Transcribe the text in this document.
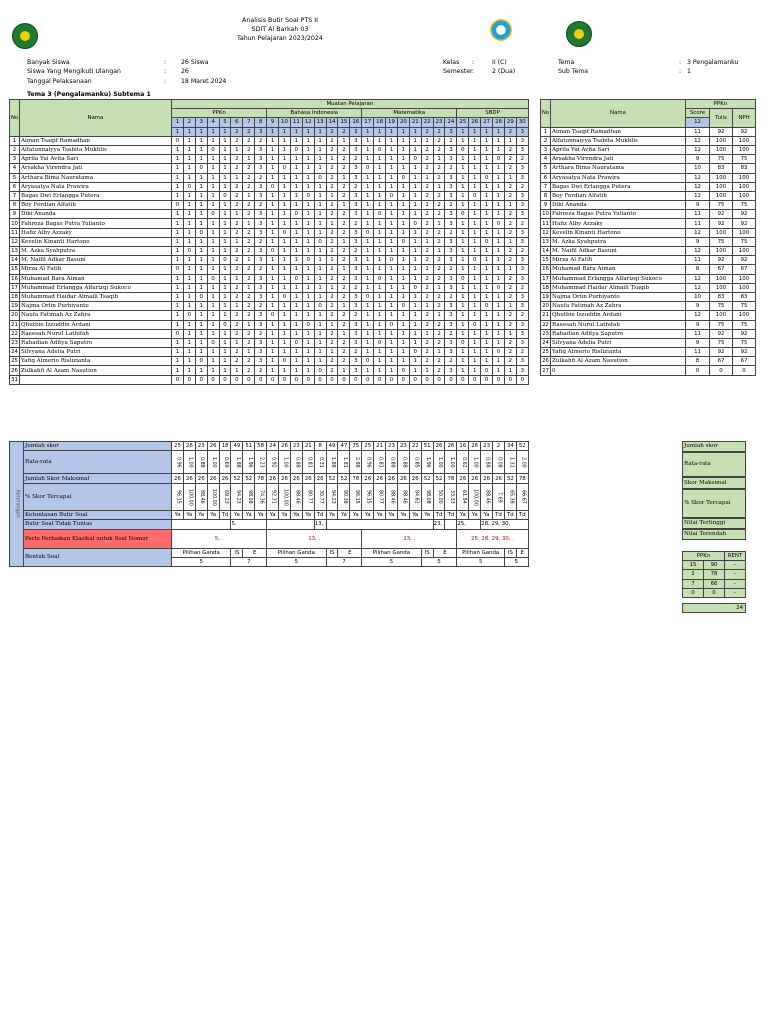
Analisis Butir Soal PTS II
SDIT Al Barkah 03
Tahun Pelajaran 2023/2024
Banyak Siswa	:	26 Siswa
Siswa Yang Mengikuti Ulangan	:	26
Tanggal Pelaksanaan	:	18 Maret 2024
Kelas	:	II (C)
Semester :	2 (Dua)
Tema	: 3 Pengalamanku
Sub Tema	: 1
Tema 3 (Pengalamanku) Subtema 1
No	Nama	Muatan Pelajaran																													
		PPKn								Bahasa Indonesia								Matematika								SBDP					
		1	2	3	4	5	6	7	8	9	10	11	12	13	14	15	16	17	18	19	20	21	22	23	24	25	26	27	28	29	30
		1	1	1	1	1	2	2	3	1	1	1	1	1	2	2	3	1	1	1	1	1	2	2	3	1	1	1	1	2	3
1	Aiman Tsaqif Ramadhan	0	1	1	1	1	2	2	2	1	1	1	1	1	2	1	3	1	1	1	1	1	1	2	2	1	1	1	1	1	3
2	Alfatunnaiyya Tsabita Mukhlis	1	1	1	0	1	1	2	3	1	1	0	1	1	2	2	3	1	0	1	1	1	2	2	3	0	1	1	1	2	3
3	Aprila Yui Avita Sari	1	1	1	1	1	2	1	3	1	1	1	1	1	1	2	2	1	1	1	1	0	2	1	3	1	1	1	0	2	2
4	Arsakha Virendra Jati	1	1	0	1	1	2	2	3	1	0	1	1	1	2	2	3	0	1	1	1	1	2	2	2	1	1	1	1	2	3
5	Arthara Bima Nauratama	1	1	1	1	1	1	2	2	1	1	1	1	0	2	1	3	1	1	1	0	1	1	2	3	1	1	0	1	1	3
6	Aryasatya Nata Prawira	1	0	1	1	1	2	2	3	0	1	1	1	1	2	2	2	1	1	1	1	1	2	1	3	1	1	1	1	2	2
7	Bagas Dwi Erlangga Putera	1	1	1	1	0	2	1	3	1	1	1	0	1	1	2	3	1	1	0	1	1	2	2	3	1	0	1	1	2	3
8	Boy Ferdian Alfatih	0	1	1	1	1	2	2	2	1	1	1	1	1	2	1	3	1	1	1	1	1	1	2	2	1	1	1	1	1	3
9	Diki Ananda	1	1	1	0	1	1	2	3	1	1	0	1	1	2	2	3	1	0	1	1	1	2	2	3	0	1	1	1	2	3
10	Fahreza Bagas Putra Yulianto	1	1	1	1	1	2	1	3	1	1	1	1	1	1	2	2	1	1	1	1	0	2	1	3	1	1	1	0	2	2
11	Hafiz Alby Azzaky	1	1	0	1	1	2	2	3	1	0	1	1	1	2	2	3	0	1	1	1	1	2	2	2	1	1	1	1	2	3
12	Kevelin Kinanti Hartono	1	1	1	1	1	1	2	2	1	1	1	1	0	2	1	3	1	1	1	0	1	1	2	3	1	1	0	1	1	3
13	M. Azka Syahputra	1	0	1	1	1	2	2	3	0	1	1	1	1	2	2	2	1	1	1	1	1	2	1	3	1	1	1	1	2	2
14	M. Naifil Adkar Basuni	1	1	1	1	0	2	1	3	1	1	1	0	1	1	2	3	1	1	0	1	1	2	2	3	1	0	1	1	2	3
15	Mirza Al Fatih	0	1	1	1	1	2	2	2	1	1	1	1	1	2	1	3	1	1	1	1	1	1	2	2	1	1	1	1	1	3
16	Muhamad Bara Aiman	1	1	1	0	1	1	2	3	1	1	0	1	1	2	2	3	1	0	1	1	1	2	2	3	0	1	1	1	2	3
17	Muhammad Erlangga Alfarizqi Sukoco	1	1	1	1	1	2	1	3	1	1	1	1	1	1	2	2	1	1	1	1	0	2	1	3	1	1	1	0	2	2
18	Muhammad Haidar Almaili Tsaqib	1	1	0	1	1	2	2	3	1	0	1	1	1	2	2	3	0	1	1	1	1	2	2	2	1	1	1	1	2	3
19	Najma Orlin Purbiyanto	1	1	1	1	1	1	2	2	1	1	1	1	0	2	1	3	1	1	1	0	1	1	2	3	1	1	0	1	1	3
20	Naufa Fatimah Az Zahra	1	0	1	1	1	2	2	3	0	1	1	1	1	2	2	2	1	1	1	1	1	2	1	3	1	1	1	1	2	2
21	Qhutbie Izzuddin Ardani	1	1	1	1	0	2	1	3	1	1	1	0	1	1	2	3	1	1	0	1	1	2	2	3	1	0	1	1	2	3
22	Raeesah Nurul Lathifah	0	1	1	1	1	2	2	2	1	1	1	1	1	2	1	3	1	1	1	1	1	1	2	2	1	1	1	1	1	3
23	Rahadian Aditya Saputro	1	1	1	0	1	1	2	3	1	1	0	1	1	2	2	3	1	0	1	1	1	2	2	3	0	1	1	1	2	3
24	Silvyana Adelia Putri	1	1	1	1	1	2	1	3	1	1	1	1	1	1	2	2	1	1	1	1	0	2	1	3	1	1	1	0	2	2
25	Yafiq Almerio Rislizianta	1	1	0	1	1	2	2	3	1	0	1	1	1	2	2	3	0	1	1	1	1	2	2	2	1	1	1	1	2	3
26	Zulkahfi Al Azam Nasution	1	1	1	1	1	1	2	2	1	1	1	1	0	2	1	3	1	1	1	0	1	1	2	3	1	1	0	1	1	3
31		0	0	0	0	0	0	0	0	0	0	0	0	0	0	0	0	0	0	0	0	0	0	0	0	0	0	0	0	0	0
No	Nama	PPKn		

		Score	Tulis	NPH
		12		
1	Aiman Tsaqif Ramadhan	11	92	92
2	Alfatunnaiyya Tsabita Mukhlis	12	100	100
3	Aprila Yui Avita Sari	12	100	100
4	Arsakha Virendra Jati	9	75	75
5	Arthara Bima Nauratama	10	83	83
6	Aryasatya Nata Prawira	12	100	100
7	Bagas Dwi Erlangga Putera	12	100	100
8	Boy Ferdian Alfatih	12	100	100
9	Diki Ananda	9	75	75
10	Fahreza Bagas Putra Yulianto	11	92	92
11	Hafiz Alby Azzaky	11	92	92
12	Kevelin Kinanti Hartono	12	100	100
13	M. Azka Syahputra	9	75	75
14	M. Naifil Adkar Basuni	12	100	100
15	Mirza Al Fatih	11	92	92
16	Muhamad Bara Aiman	8	67	67
17	Muhammad Erlangga Alfarizqi Sukoco	12	100	100
18	Muhammad Haidar Almaili Tsaqib	12	100	100
19	Najma Orlin Purbiyanto	10	83	83
20	Naufa Fatimah Az Zahra	9	75	75
21	Qhutbie Izzuddin Ardani	12	100	100
22	Raeesah Nurul Lathifah	9	75	75
23	Rahadian Aditya Saputro	11	92	92
24	Silvyana Adelia Putri	9	75	75
25	Yafiq Almerio Rislizianta	11	92	92
26	Zulkahfi Al Azam Nasution	8	67	67
27	0	0	0	0
Keterangan	Jumlah skor	25	26	23	26	18	49	51	58	24	26	23	21	8	49	47	75	25	21	23	23	22	51	26	26	16	26	23	2	34	52
	Rata-rata	0.96	1.00	0.88	1.00	0.69	1.88	1.96	2.23	0.92	1.00	0.88	0.81	0.31	1.88	1.81	2.88	0.96	0.81	0.88	0.88	0.85	1.96	1.00	1.00	0.62	1.00	0.88	0.08	1.31	2.00
	Jumlah Skor Maksimal	26	26	26	26	26	52	52	78	26	26	26	26	26	52	52	78	26	26	26	26	26	52	52	78	26	26	26	26	52	78
	% Skor Tercapai	96.15	100.00	88.46	100.00	69.23	94.23	98.08	74.36	92.31	100.00	88.46	80.77	30.77	94.23	90.38	96.15	96.15	80.77	88.46	88.46	84.62	98.08	50.00	33.33	61.54	100.00	88.46	7.69	65.38	66.67
	Ketuntasan Butir Soal	Ya	Ya	Ya	Ya	Td	Ya	Ya	Ya	Ya	Ya	Ya	Ya	Td	Ya	Ya	Ya	Ya	Ya	Ya	Ya	Ya	Ya	Td	Td	Ya	Ya	Ya	Td	Td	Td
	Butir Soal Tidak Tuntas						5,							13,										23,		25,		28, 29, 30,			
	Perlu Perbaikan Klasikal untuk Soal Nomor	5, .								13, .								23, .								25, 28, 29, 30, .					
	Bentuk Soal	Pilihan Ganda					IS	E		Pilihan Ganda					IS	E		Pilihan Ganda					IS	E		Pilihan Ganda				IS	E
		5					7			5					7			5					5			5				5	
Jumlah skor
Rata-rata
Skor Maksimal
% Skor Tercapai
Nilai Tertinggi
Nilai Terendah
PPKn		RENT
15	90	-
2	78	-
7	66	-
0	0	-

24		
